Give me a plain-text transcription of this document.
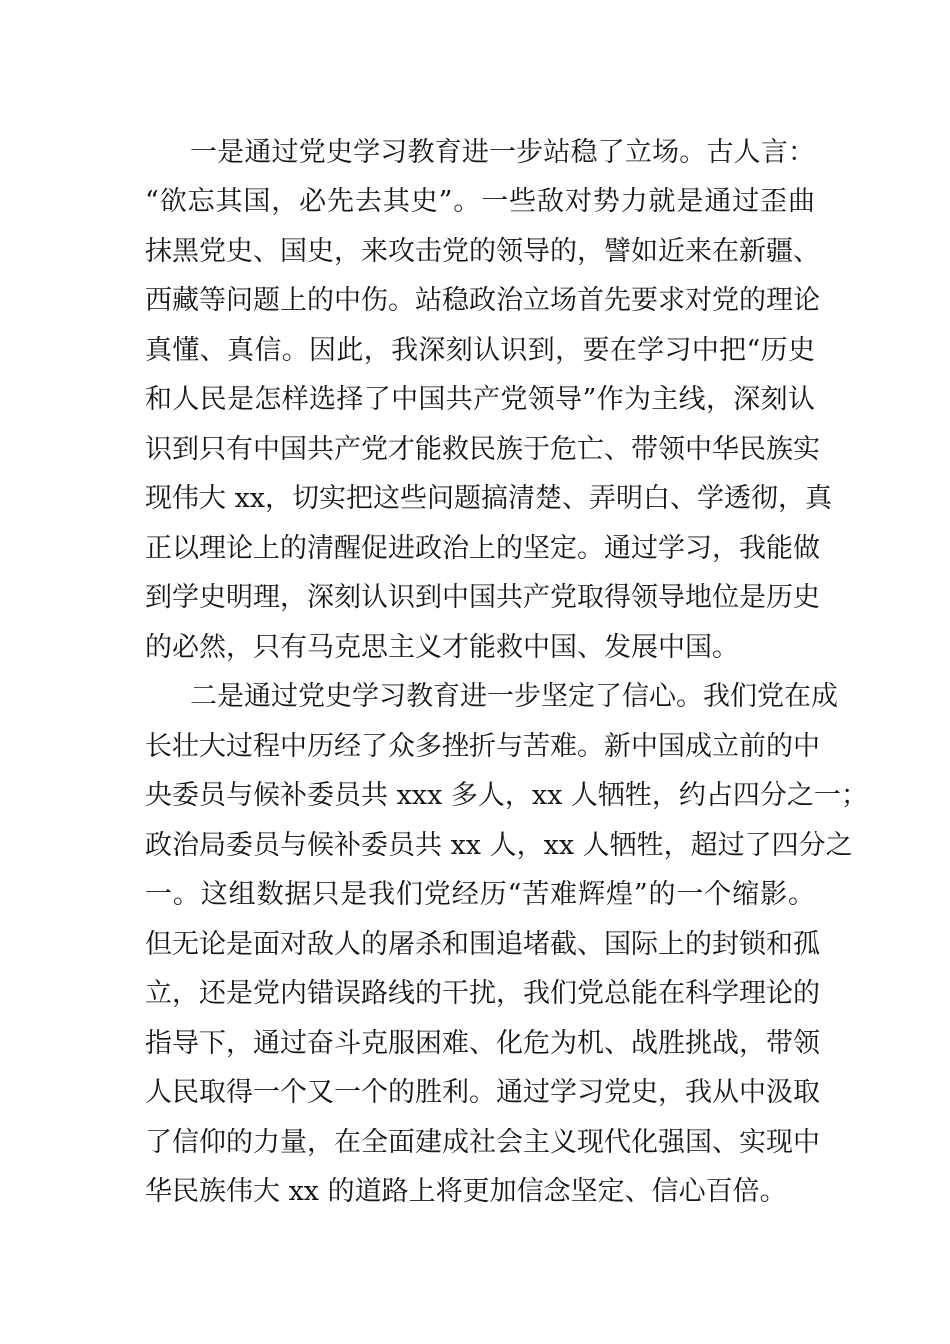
一是通过党史学习教育进一步站稳了立场。古人言：

“欲忘其国，必先去其史”。一些敌对势力就是通过歪曲

抹黑党史、国史，来攻击党的领导的，譬如近来在新疆、

西藏等问题上的中伤。站稳政治立场首先要求对党的理论

真懂、真信。因此，我深刻认识到，要在学习中把“历史

和人民是怎样选择了中国共产党领导”作为主线，深刻认

识到只有中国共产党才能救民族于危亡、带领中华民族实

现伟大 xx，切实把这些问题搞清楚、弄明白、学透彻，真

正以理论上的清醒促进政治上的坚定。通过学习，我能做

到学史明理，深刻认识到中国共产党取得领导地位是历史

的必然，只有马克思主义才能救中国、发展中国。

二是通过党史学习教育进一步坚定了信心。我们党在成

长壮大过程中历经了众多挫折与苦难。新中国成立前的中

央委员与候补委员共 xxx 多人，xx 人牺牲，约占四分之一；

政治局委员与候补委员共 xx 人，xx 人牺牲，超过了四分之

一。这组数据只是我们党经历“苦难辉煌”的一个缩影。

但无论是面对敌人的屠杀和围追堵截、国际上的封锁和孤

立，还是党内错误路线的干扰，我们党总能在科学理论的

指导下，通过奋斗克服困难、化危为机、战胜挑战，带领

人民取得一个又一个的胜利。通过学习党史，我从中汲取

了信仰的力量，在全面建成社会主义现代化强国、实现中

华民族伟大 xx 的道路上将更加信念坚定、信心百倍。
